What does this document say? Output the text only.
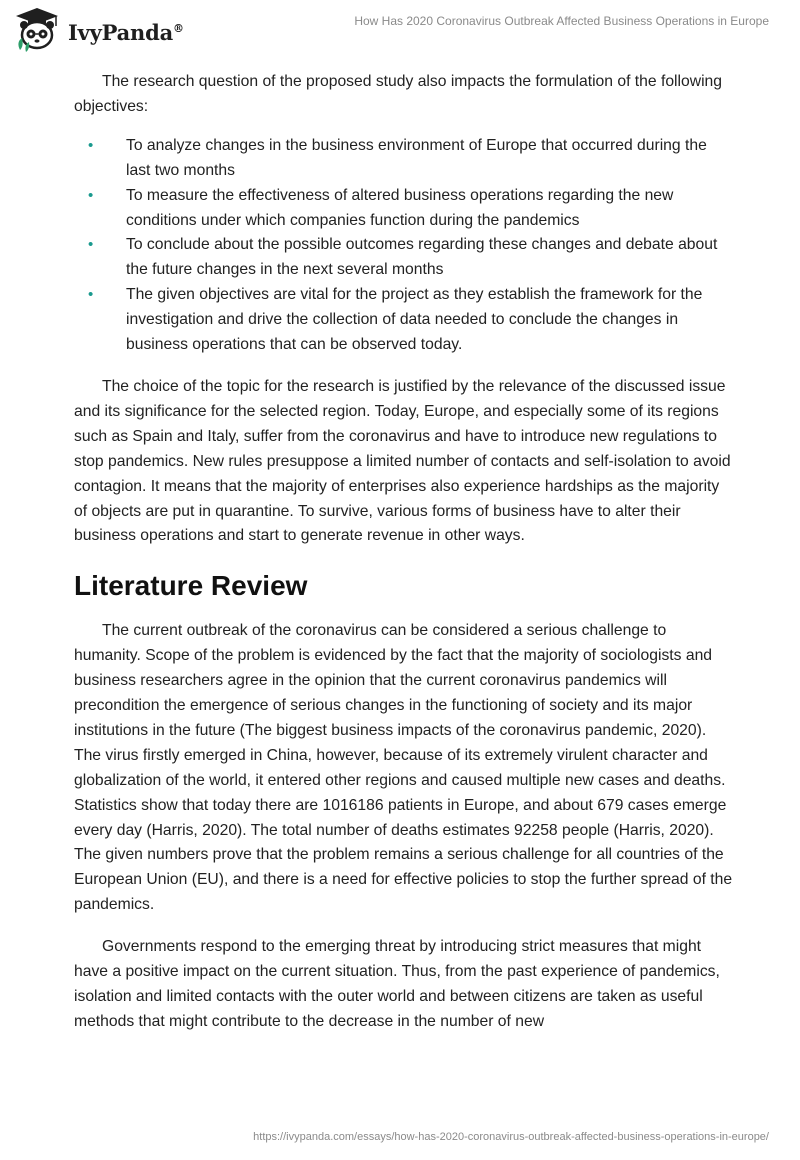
IvyPanda®	How Has 2020 Coronavirus Outbreak Affected Business Operations in Europe

The research question of the proposed study also impacts the formulation of the following objectives:

• To analyze changes in the business environment of Europe that occurred during the last two months
• To measure the effectiveness of altered business operations regarding the new conditions under which companies function during the pandemics
• To conclude about the possible outcomes regarding these changes and debate about the future changes in the next several months
• The given objectives are vital for the project as they establish the framework for the investigation and drive the collection of data needed to conclude the changes in business operations that can be observed today.

The choice of the topic for the research is justified by the relevance of the discussed issue and its significance for the selected region. Today, Europe, and especially some of its regions such as Spain and Italy, suffer from the coronavirus and have to introduce new regulations to stop pandemics. New rules presuppose a limited number of contacts and self-isolation to avoid contagion. It means that the majority of enterprises also experience hardships as the majority of objects are put in quarantine. To survive, various forms of business have to alter their business operations and start to generate revenue in other ways.

Literature Review

The current outbreak of the coronavirus can be considered a serious challenge to humanity. Scope of the problem is evidenced by the fact that the majority of sociologists and business researchers agree in the opinion that the current coronavirus pandemics will precondition the emergence of serious changes in the functioning of society and its major institutions in the future (The biggest business impacts of the coronavirus pandemic, 2020). The virus firstly emerged in China, however, because of its extremely virulent character and globalization of the world, it entered other regions and caused multiple new cases and deaths. Statistics show that today there are 1016186 patients in Europe, and about 679 cases emerge every day (Harris, 2020). The total number of deaths estimates 92258 people (Harris, 2020). The given numbers prove that the problem remains a serious challenge for all countries of the European Union (EU), and there is a need for effective policies to stop the further spread of the pandemics.

Governments respond to the emerging threat by introducing strict measures that might have a positive impact on the current situation. Thus, from the past experience of pandemics, isolation and limited contacts with the outer world and between citizens are taken as useful methods that might contribute to the decrease in the number of new

https://ivypanda.com/essays/how-has-2020-coronavirus-outbreak-affected-business-operations-in-europe/
